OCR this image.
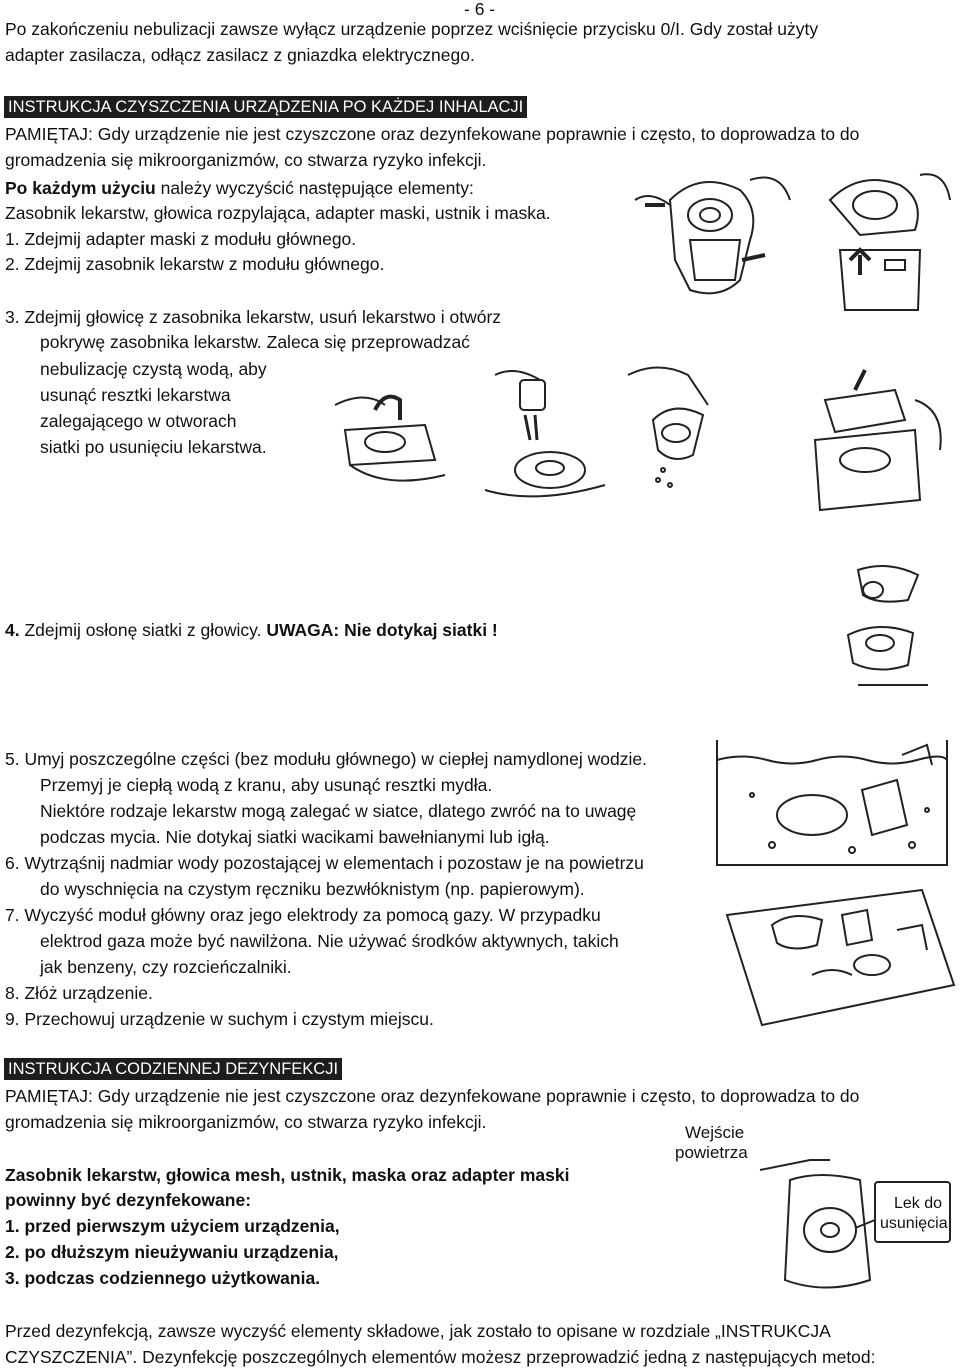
- 6 -
Po zakończeniu nebulizacji zawsze wyłącz urządzenie poprzez wciśnięcie przycisku 0/I. Gdy został użyty
adapter zasilacza, odłącz zasilacz z gniazdka elektrycznego.
INSTRUKCJA CZYSZCZENIA URZĄDZENIA PO KAŻDEJ INHALACJI
PAMIĘTAJ: Gdy urządzenie nie jest czyszczone oraz dezynfekowane poprawnie i często, to doprowadza to do
gromadzenia się mikroorganizmów, co stwarza ryzyko infekcji.
Po każdym użyciu należy wyczyścić następujące elementy:
Zasobnik lekarstw, głowica rozpylająca, adapter maski, ustnik i maska.
1. Zdejmij adapter maski z modułu głównego.
2. Zdejmij zasobnik lekarstw z modułu głównego.
3. Zdejmij głowicę z zasobnika lekarstw, usuń lekarstwo i otwórz
pokrywę zasobnika lekarstw. Zaleca się przeprowadzać
nebulizację czystą wodą, aby
usunąć resztki lekarstwa
zalegającego w otworach
siatki po usunięciu lekarstwa.
4. Zdejmij osłonę siatki z głowicy. UWAGA: Nie dotykaj siatki !
5. Umyj poszczególne części (bez modułu głównego) w ciepłej namydlonej wodzie.
Przemyj je ciepłą wodą z kranu, aby usunąć resztki mydła.
Niektóre rodzaje lekarstw mogą zalegać w siatce, dlatego zwróć na to uwagę
podczas mycia. Nie dotykaj siatki wacikami bawełnianymi lub igłą.
6. Wytrząśnij nadmiar wody pozostającej w elementach i pozostaw je na powietrzu
do wyschnięcia na czystym ręczniku bezwłóknistym (np. papierowym).
7. Wyczyść moduł główny oraz jego elektrody za pomocą gazy. W przypadku
elektrod gaza może być nawilżona. Nie używać środków aktywnych, takich
jak benzeny, czy rozcieńczalniki.
8. Złóż urządzenie.
9. Przechowuj urządzenie w suchym i czystym miejscu.
INSTRUKCJA CODZIENNEJ DEZYNFEKCJI
PAMIĘTAJ: Gdy urządzenie nie jest czyszczone oraz dezynfekowane poprawnie i często, to doprowadza to do
gromadzenia się mikroorganizmów, co stwarza ryzyko infekcji.
Zasobnik lekarstw, głowica mesh, ustnik, maska oraz adapter maski
powinny być dezynfekowane:
1. przed pierwszym użyciem urządzenia,
2. po dłuższym nieużywaniu urządzenia,
3. podczas codziennego użytkowania.
Przed dezynfekcją, zawsze wyczyść elementy składowe, jak zostało to opisane w rozdziale „INSTRUKCJA
CZYSZCZENIA”. Dezynfekcję poszczególnych elementów możesz przeprowadzić jedną z następujących metod:
Wejście
powietrza
Lek do
usunięcia
